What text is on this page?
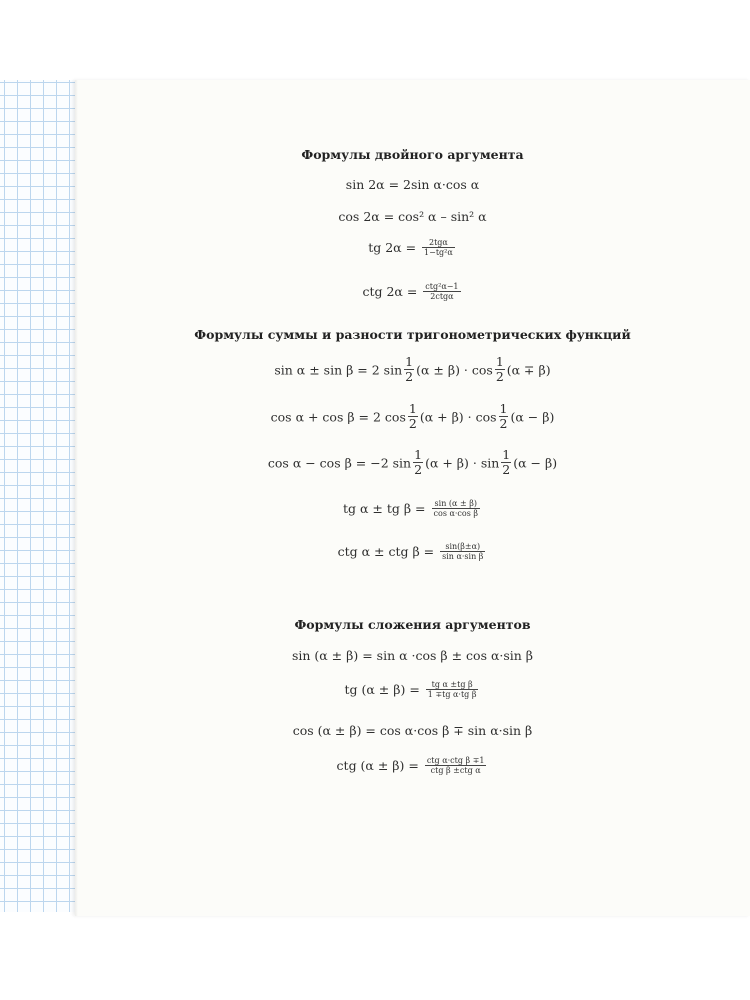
Формулы двойного аргумента
sin 2α = 2sin α·cos α
cos 2α = cos² α – sin² α
tg $2\alpha = \frac{\text{2tgα}}{\text{1−tg²α}}$
ctg $2\alpha = \frac{\text{ctg²α−1}}{\text{2ctgα}}$
Формулы суммы и разности тригонометрических функций
sin α ± sin β = 2 $\sin \frac{1}{2} (\alpha \pm \beta) \cdot \cos \frac{1}{2} (\alpha \mp \beta)$
cos α + cos β = 2 $\cos \frac{1}{2} (\alpha + \beta) \cdot \cos \frac{1}{2} (\alpha - \beta)$
cos α − cos β = −2 $\sin \frac{1}{2} (\alpha + \beta) \cdot \sin \frac{1}{2} (\alpha - \beta)$
tg α ± tg $\beta = \frac{\sin (\alpha \pm \beta)}{\text{cos α·cos β}}$
ctg α ± ctg $\beta = \frac{\sin(\beta\pm\alpha)}{\text{sin α·sin β}}$
Формулы сложения аргументов
sin (α ± β) = sin α ·cos β ± cos α·sin β
tg $(\alpha \pm \beta) = \frac{\text{tg α ±tg β}}{\text{1 ∓tg α·tg β}}$
cos (α ± β) = cos α·cos β ∓ sin α·sin β
ctg $(\alpha \pm \beta) = \frac{\text{ctg α·ctg β ∓1}}{\text{ctg β ±ctg α}}$
